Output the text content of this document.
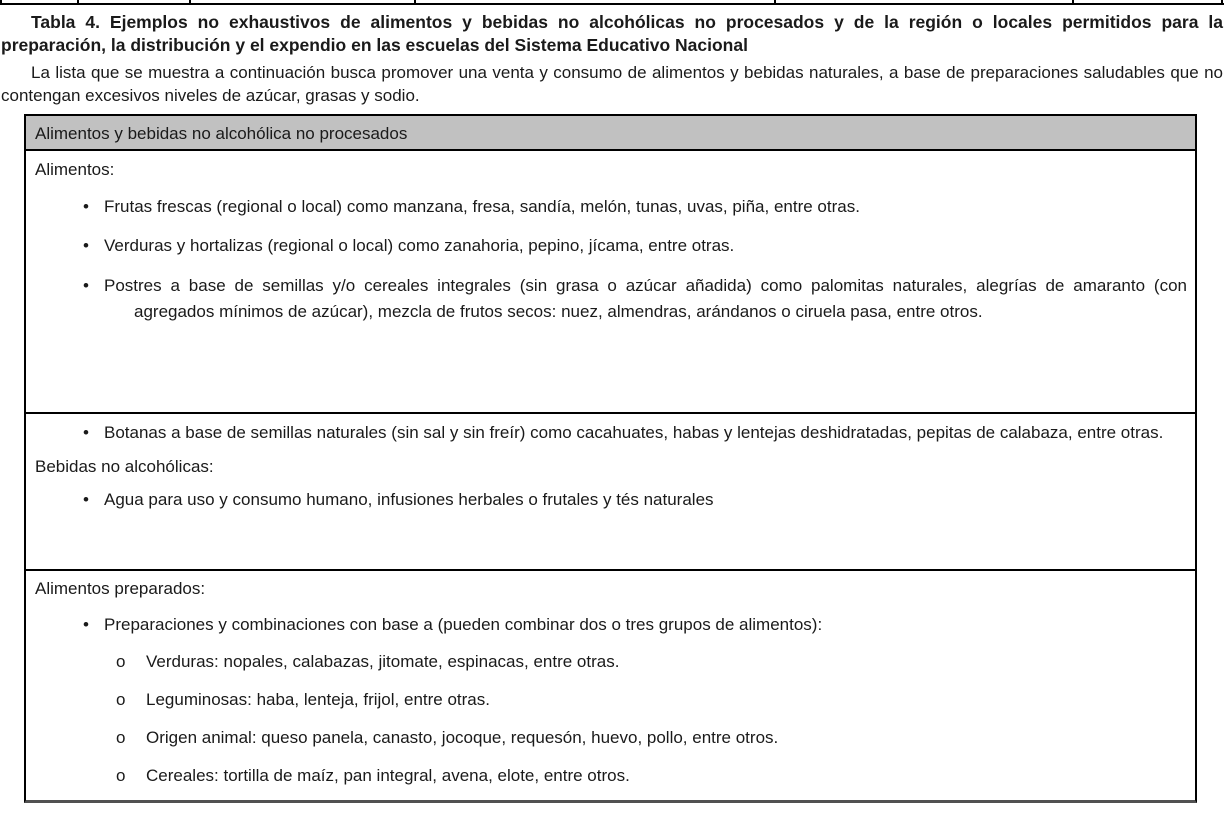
Tabla 4. Ejemplos no exhaustivos de alimentos y bebidas no alcohólicas no procesados y de la región o locales permitidos para la preparación, la distribución y el expendio en las escuelas del Sistema Educativo Nacional

La lista que se muestra a continuación busca promover una venta y consumo de alimentos y bebidas naturales, a base de preparaciones saludables que no contengan excesivos niveles de azúcar, grasas y sodio.

Alimentos y bebidas no alcohólica no procesados
Alimentos:
• Frutas frescas (regional o local) como manzana, fresa, sandía, melón, tunas, uvas, piña, entre otras.
• Verduras y hortalizas (regional o local) como zanahoria, pepino, jícama, entre otras.
• Postres a base de semillas y/o cereales integrales (sin grasa o azúcar añadida) como palomitas naturales, alegrías de amaranto (con agregados mínimos de azúcar), mezcla de frutos secos: nuez, almendras, arándanos o ciruela pasa, entre otros.
• Botanas a base de semillas naturales (sin sal y sin freír) como cacahuates, habas y lentejas deshidratadas, pepitas de calabaza, entre otras.
Bebidas no alcohólicas:
• Agua para uso y consumo humano, infusiones herbales o frutales y tés naturales
Alimentos preparados:
• Preparaciones y combinaciones con base a (pueden combinar dos o tres grupos de alimentos):
o Verduras: nopales, calabazas, jitomate, espinacas, entre otras.
o Leguminosas: haba, lenteja, frijol, entre otras.
o Origen animal: queso panela, canasto, jocoque, requesón, huevo, pollo, entre otros.
o Cereales: tortilla de maíz, pan integral, avena, elote, entre otros.
